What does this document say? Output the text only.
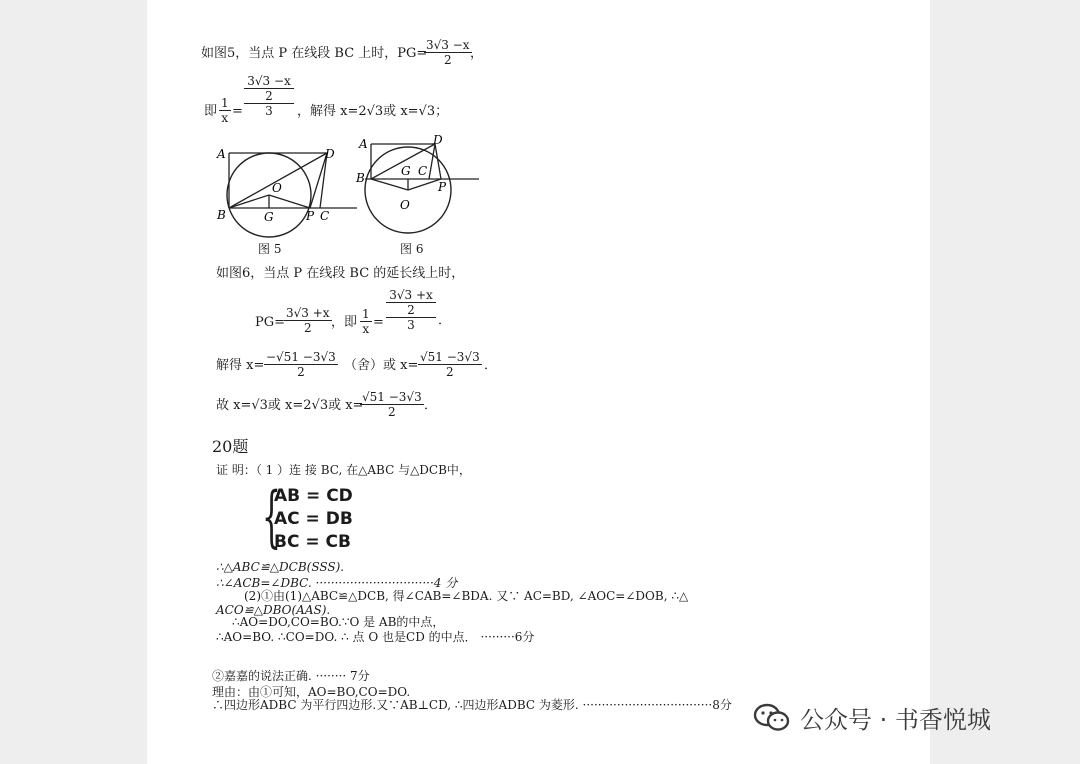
如图5，当点 P 在线段 BC 上时，PG=
$\frac{3√3 -x}{2}$
，
即 $\frac{1}{x}$ =
3√3 −x
2
3	，解得 x=2√3或 x=√3；
A	D
O
B	G	P C
图 5
A	D
B	G C
P
O
图 6
如图6，当点 P 在线段 BC 的延长线上时，
PG=
$\frac{3√3 +x}{2}$ ，即 $\frac{1}{x}$ =
3√3 +x
2
3	．
解得 $x= \frac{-√51 -3√3}{2}$ （舍）或 $x= \frac{√51 -3√3}{2}$ ．
故 x=√3或 x=2√3或 x=
$\frac{√51 -3√3}{2}$ ．
20题
证 明：（ 1 ）连 接 BC, 在△ABC 与△DCB中，
{
AB = CD
AC = DB
BC = CB
∴△ABC≌△DCB(SSS).
∴∠ACB=∠DBC. ·······························4 分
(2)①由(1)△ABC≌△DCB, 得∠CAB=∠BDA. 又∵ AC=BD, ∠AOC=∠DOB, ∴△
ACO≌△DBO(AAS).
∴AO=DO,CO=BO.∵O 是 AB的中点，
∴AO=BO. ∴CO=DO. ∴ 点 O 也是CD 的中点． ·········6分
②嘉嘉的说法正确. ········ 7分
理由：由①可知，AO=BO,CO=DO.
∴四边形ADBC 为平行四边形.又∵AB⊥CD, ∴四边形ADBC 为菱形. ··································8分
公众号 · 书香悦城
